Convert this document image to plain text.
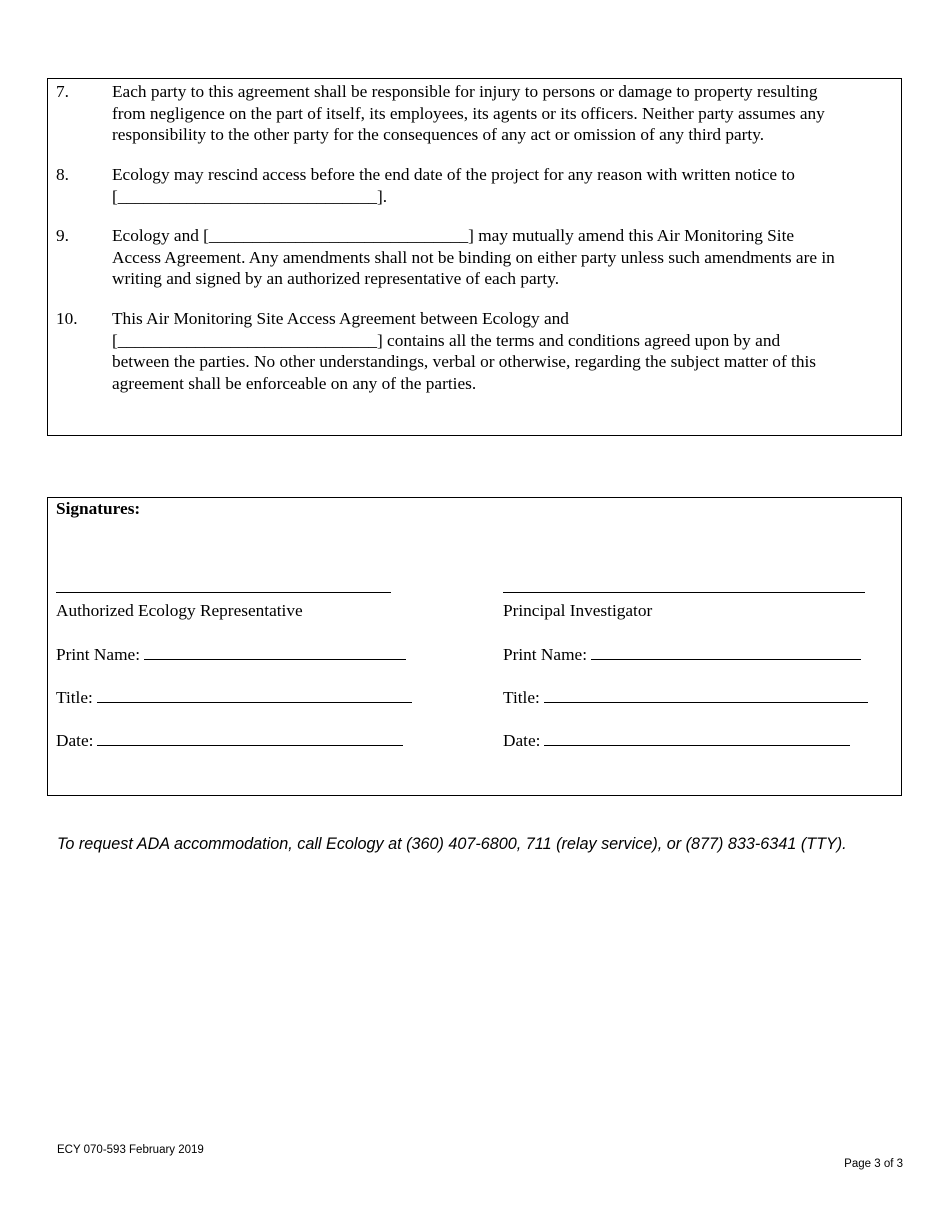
7. Each party to this agreement shall be responsible for injury to persons or damage to property resulting
from negligence on the part of itself, its employees, its agents or its officers. Neither party assumes any
responsibility to the other party for the consequences of any act or omission of any third party.
8. Ecology may rescind access before the end date of the project for any reason with written notice to
[______________________________].
9. Ecology and [______________________________] may mutually amend this Air Monitoring Site
Access Agreement. Any amendments shall not be binding on either party unless such amendments are in
writing and signed by an authorized representative of each party.
10. This Air Monitoring Site Access Agreement between Ecology and
[______________________________] contains all the terms and conditions agreed upon by and
between the parties. No other understandings, verbal or otherwise, regarding the subject matter of this
agreement shall be enforceable on any of the parties.
Signatures:
Authorized Ecology Representative
Print Name:
Title:
Date:
Principal Investigator
Print Name:
Title:
Date:
To request ADA accommodation, call Ecology at (360) 407-6800, 711 (relay service), or (877) 833-6341 (TTY).
ECY 070-593 February 2019
Page 3 of 3
